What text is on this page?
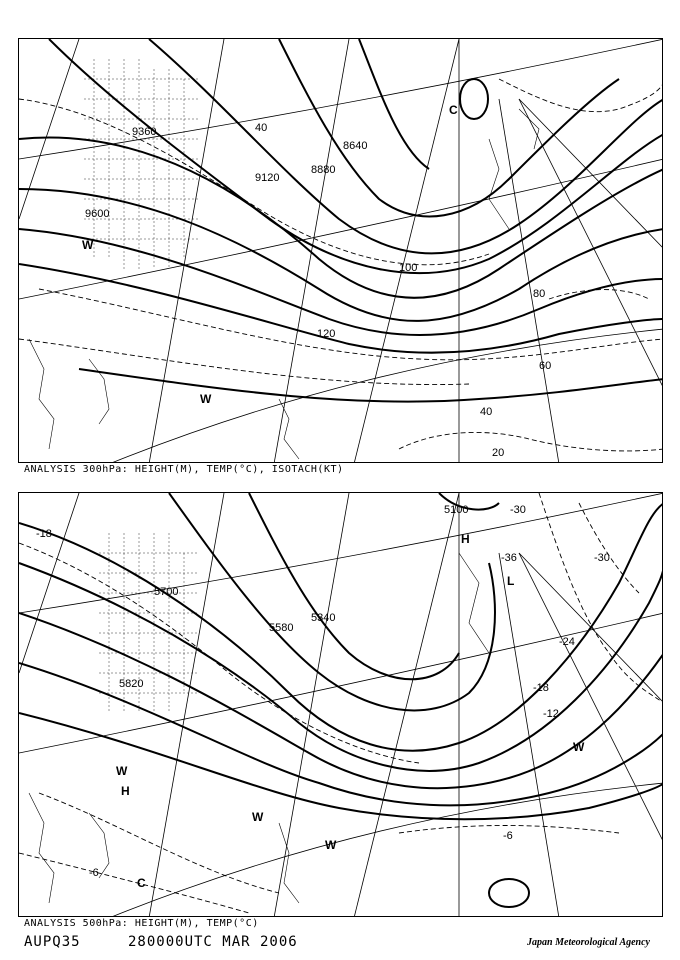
9360
9120
8880
8640
9600
20
40
40
60
80
100
120
W
W
C
ANALYSIS 300hPa: HEIGHT(M), TEMP(°C), ISOTACH(KT)
5100
5700
5580
5340
5820
-18
-30
-36	-30
-24
-18
-12
-6
-6
H
L
H
W
W
C
W
W
ANALYSIS 500hPa: HEIGHT(M), TEMP(°C)
AUPQ35	280000UTC MAR 2006	Japan Meteorological Agency
